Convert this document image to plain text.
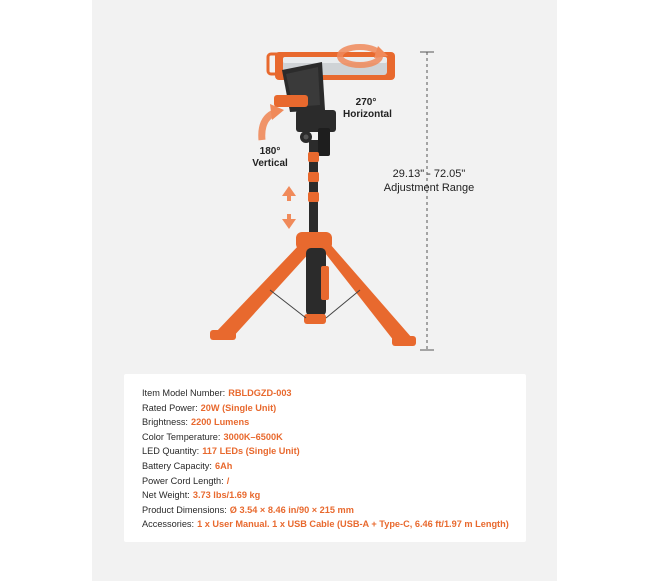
270°
Horizontal
180°
Vertical
29.13" - 72.05"
Adjustment Range
Item Model Number: RBLDGZD-003
Rated Power: 20W (Single Unit)
Brightness: 2200 Lumens
Color Temperature: 3000K–6500K
LED Quantity: 117 LEDs (Single Unit)
Battery Capacity: 6Ah
Power Cord Length: /
Net Weight: 3.73 lbs/1.69 kg
Product Dimensions: Ø 3.54 × 8.46 in/90 × 215 mm
Accessories: 1 x User Manual. 1 x USB Cable (USB-A + Type-C, 6.46 ft/1.97 m Length)
